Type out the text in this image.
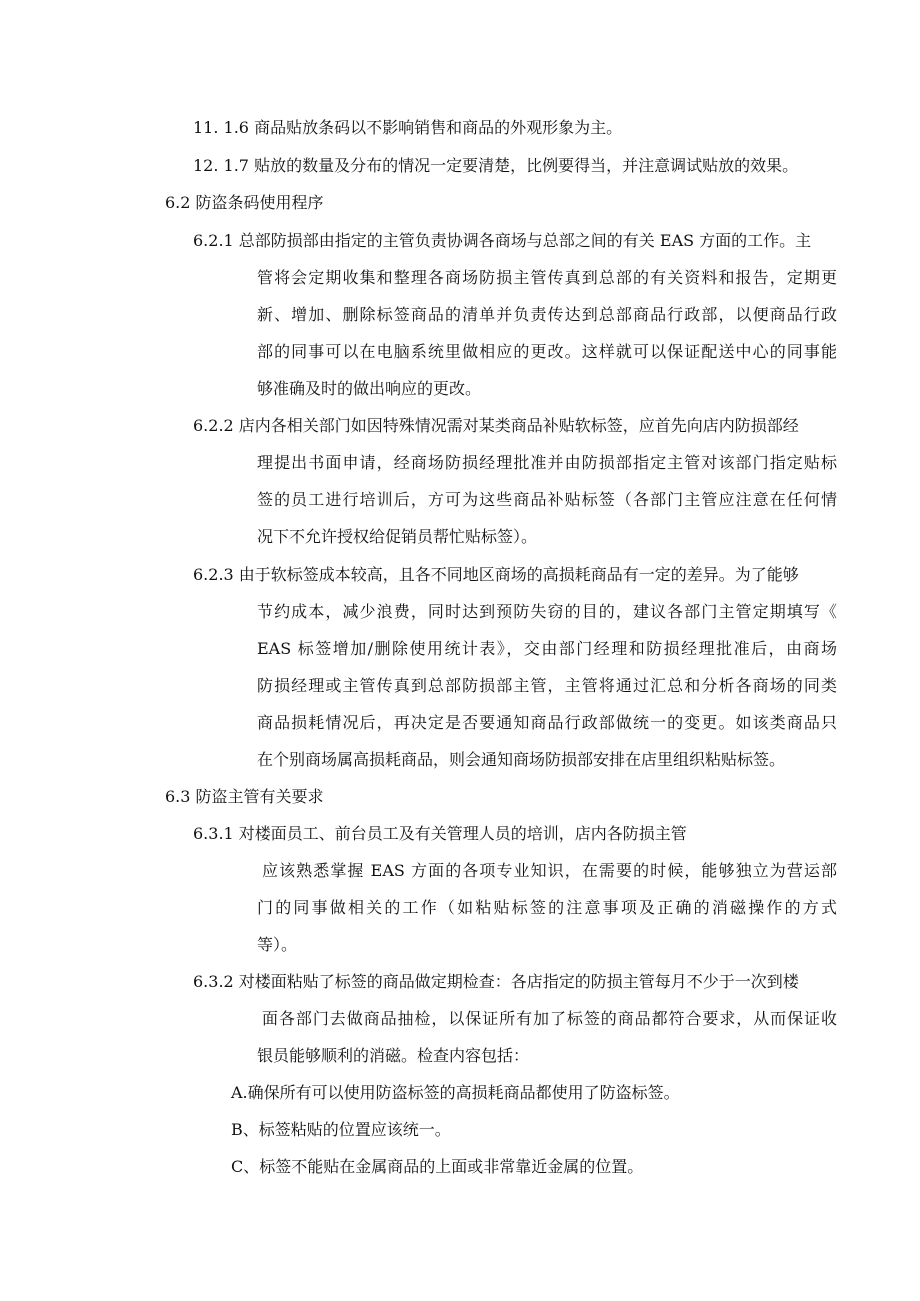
11. 1.6 商品贴放条码以不影响销售和商品的外观形象为主。
12. 1.7 贴放的数量及分布的情况一定要清楚，比例要得当，并注意调试贴放的效果。
6.2 防盗条码使用程序
6.2.1 总部防损部由指定的主管负责协调各商场与总部之间的有关 EAS 方面的工作。主
管将会定期收集和整理各商场防损主管传真到总部的有关资料和报告，定期更
新、增加、删除标签商品的清单并负责传达到总部商品行政部，以便商品行政
部的同事可以在电脑系统里做相应的更改。这样就可以保证配送中心的同事能
够准确及时的做出响应的更改。
6.2.2 店内各相关部门如因特殊情况需对某类商品补贴软标签，应首先向店内防损部经
理提出书面申请，经商场防损经理批准并由防损部指定主管对该部门指定贴标
签的员工进行培训后，方可为这些商品补贴标签（各部门主管应注意在任何情
况下不允许授权给促销员帮忙贴标签）。
6.2.3 由于软标签成本较高，且各不同地区商场的高损耗商品有一定的差异。为了能够
节约成本，减少浪费，同时达到预防失窃的目的，建议各部门主管定期填写《
EAS 标签增加/删除使用统计表》，交由部门经理和防损经理批准后，由商场
防损经理或主管传真到总部防损部主管，主管将通过汇总和分析各商场的同类
商品损耗情况后，再决定是否要通知商品行政部做统一的变更。如该类商品只
在个别商场属高损耗商品，则会通知商场防损部安排在店里组织粘贴标签。
6.3 防盗主管有关要求
6.3.1 对楼面员工、前台员工及有关管理人员的培训，店内各防损主管
应该熟悉掌握 EAS 方面的各项专业知识，在需要的时候，能够独立为营运部
门的同事做相关的工作（如粘贴标签的注意事项及正确的消磁操作的方式
等）。
6.3.2 对楼面粘贴了标签的商品做定期检查：各店指定的防损主管每月不少于一次到楼
面各部门去做商品抽检，以保证所有加了标签的商品都符合要求，从而保证收
银员能够顺利的消磁。检查内容包括：
A.确保所有可以使用防盗标签的高损耗商品都使用了防盗标签。
B、标签粘贴的位置应该统一。
C、标签不能贴在金属商品的上面或非常靠近金属的位置。
